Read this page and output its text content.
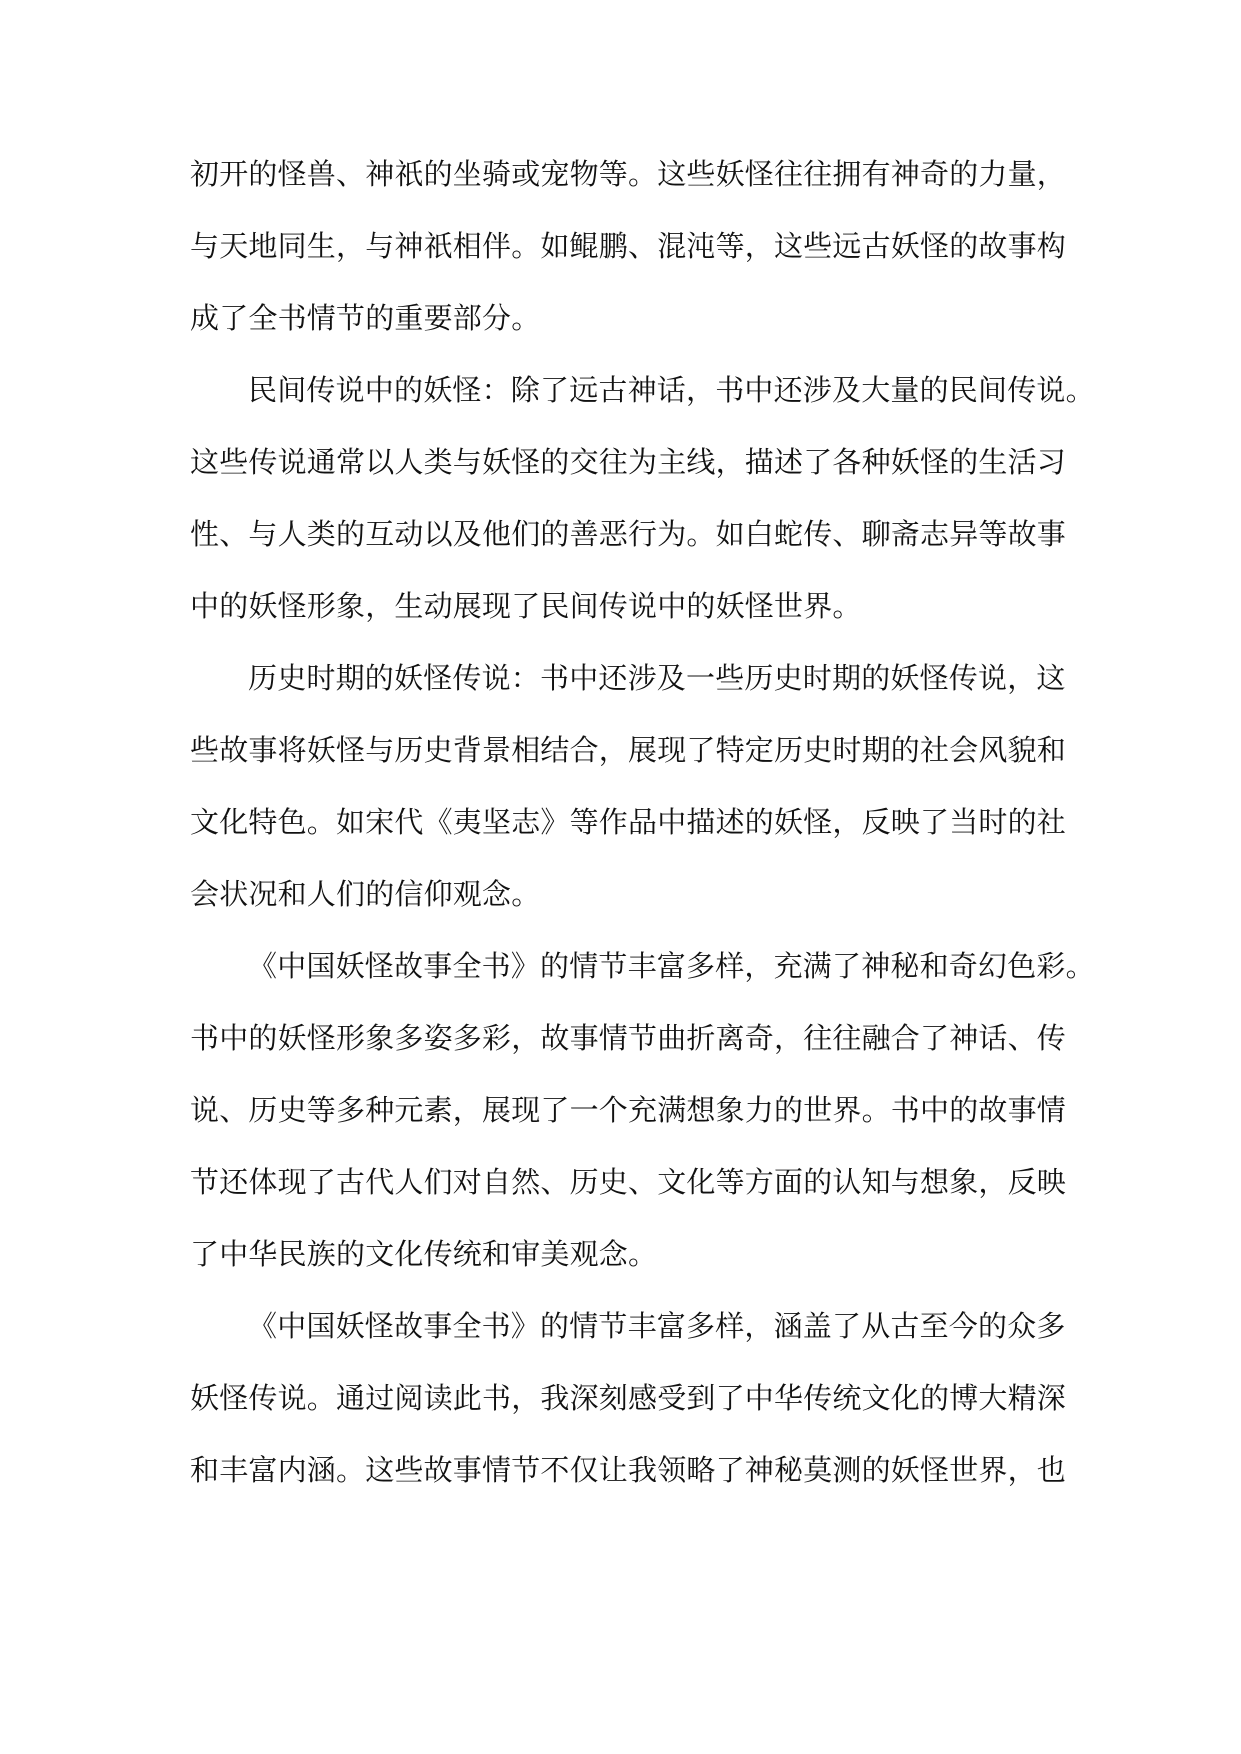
初开的怪兽、神祇的坐骑或宠物等。这些妖怪往往拥有神奇的力量，
与天地同生，与神祇相伴。如鲲鹏、混沌等，这些远古妖怪的故事构
成了全书情节的重要部分。
民间传说中的妖怪：除了远古神话，书中还涉及大量的民间传说。
这些传说通常以人类与妖怪的交往为主线，描述了各种妖怪的生活习
性、与人类的互动以及他们的善恶行为。如白蛇传、聊斋志异等故事
中的妖怪形象，生动展现了民间传说中的妖怪世界。
历史时期的妖怪传说：书中还涉及一些历史时期的妖怪传说，这
些故事将妖怪与历史背景相结合，展现了特定历史时期的社会风貌和
文化特色。如宋代《夷坚志》等作品中描述的妖怪，反映了当时的社
会状况和人们的信仰观念。
《中国妖怪故事全书》的情节丰富多样，充满了神秘和奇幻色彩。
书中的妖怪形象多姿多彩，故事情节曲折离奇，往往融合了神话、传
说、历史等多种元素，展现了一个充满想象力的世界。书中的故事情
节还体现了古代人们对自然、历史、文化等方面的认知与想象，反映
了中华民族的文化传统和审美观念。
《中国妖怪故事全书》的情节丰富多样，涵盖了从古至今的众多
妖怪传说。通过阅读此书，我深刻感受到了中华传统文化的博大精深
和丰富内涵。这些故事情节不仅让我领略了神秘莫测的妖怪世界，也
